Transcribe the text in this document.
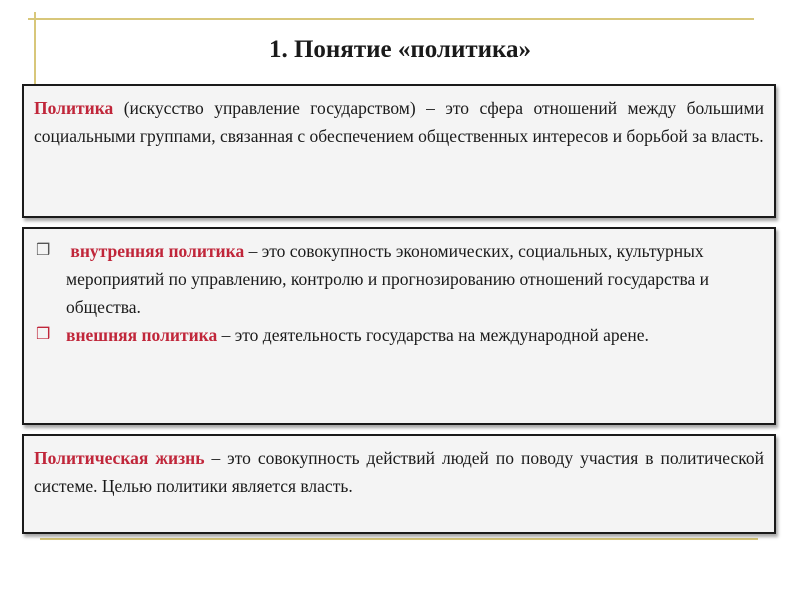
1. Понятие «политика»
Политика (искусство управление государством) – это сфера отношений между большими социальными группами, связанная с обеспечением общественных интересов и борьбой за власть.
❒ внутренняя политика – это совокупность экономических, социальных, культурных мероприятий по управлению, контролю и прогнозированию отношений государства и общества.
❒ внешняя политика – это деятельность государства на международной арене.
Политическая жизнь – это совокупность действий людей по поводу участия в политической системе. Целью политики является власть.
